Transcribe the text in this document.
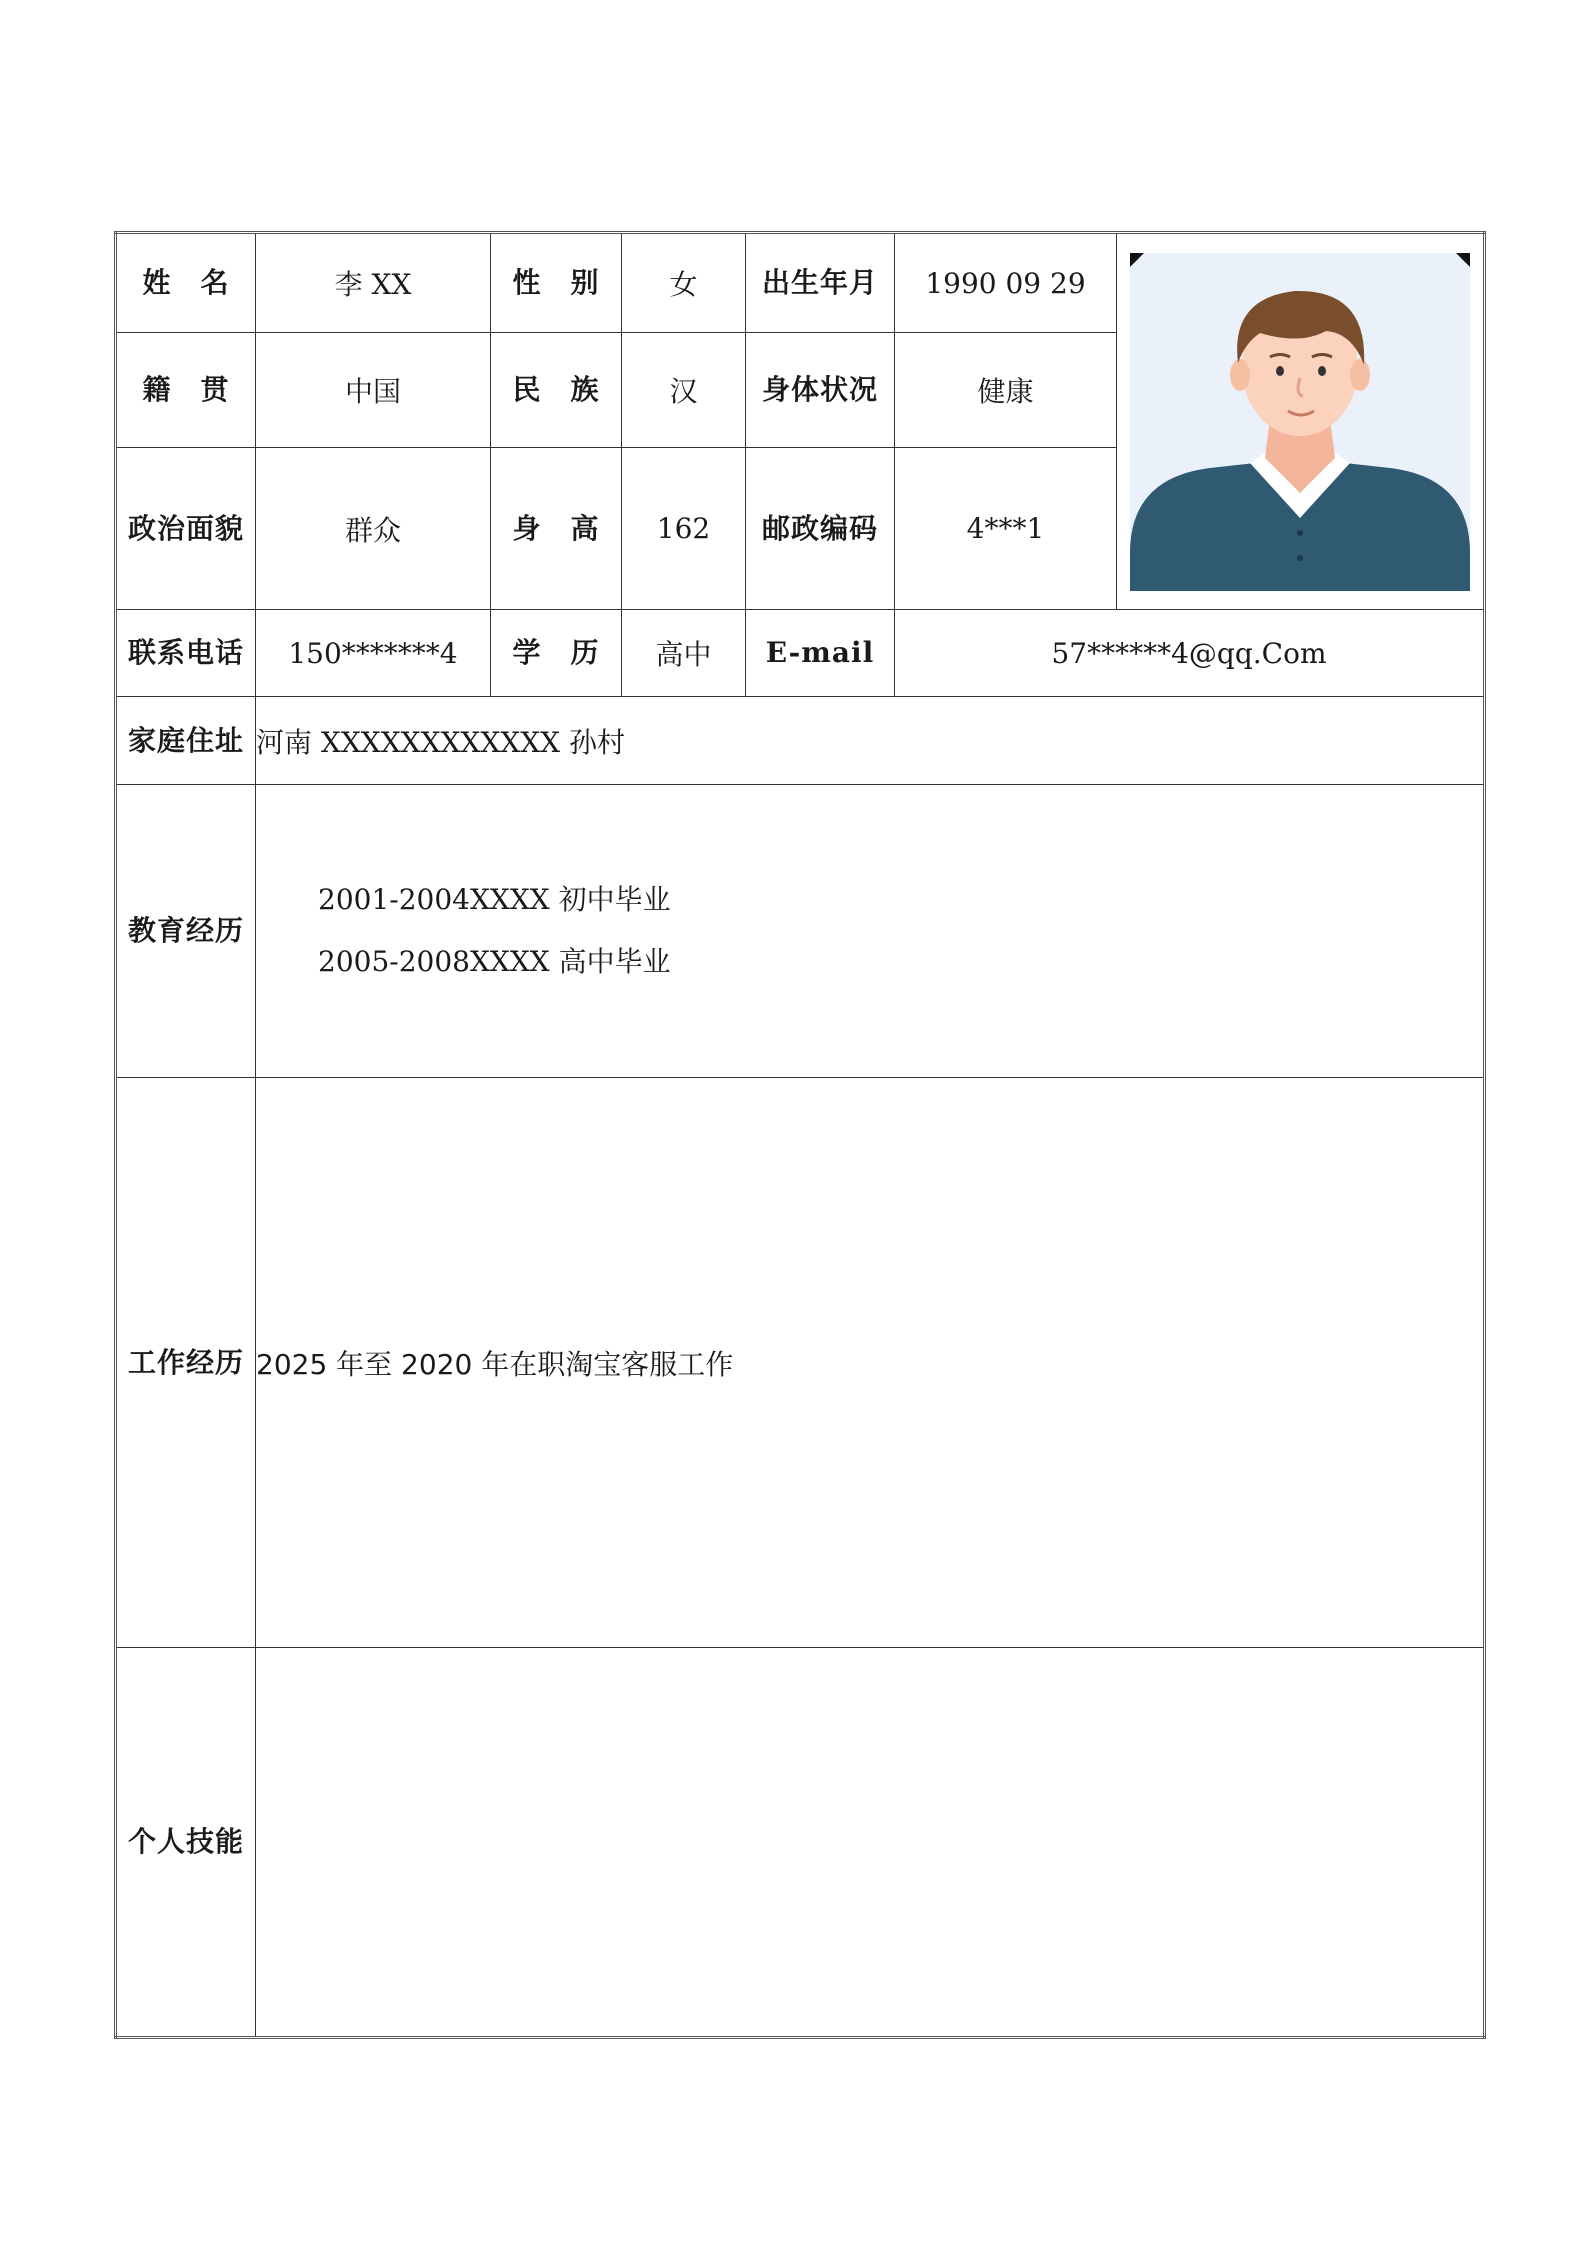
姓　名	李 XX	性　别	女	出生年月	1990 09 29	

籍　贯	中国	民　族	汉	身体状况	健康	
政治面貌	群众	身　高	162	邮政编码	4***1	
联系电话	150*******4	学　历	高中	E-mail	57******4@qq.Com	
家庭住址	河南 XXXXXXXXXXXX 孙村					
教育经历	2001-2004XXXX 初中毕业
2005-2008XXXX 高中毕业					

工作经历	2025 年至 2020 年在职淘宝客服工作					
个人技能						
